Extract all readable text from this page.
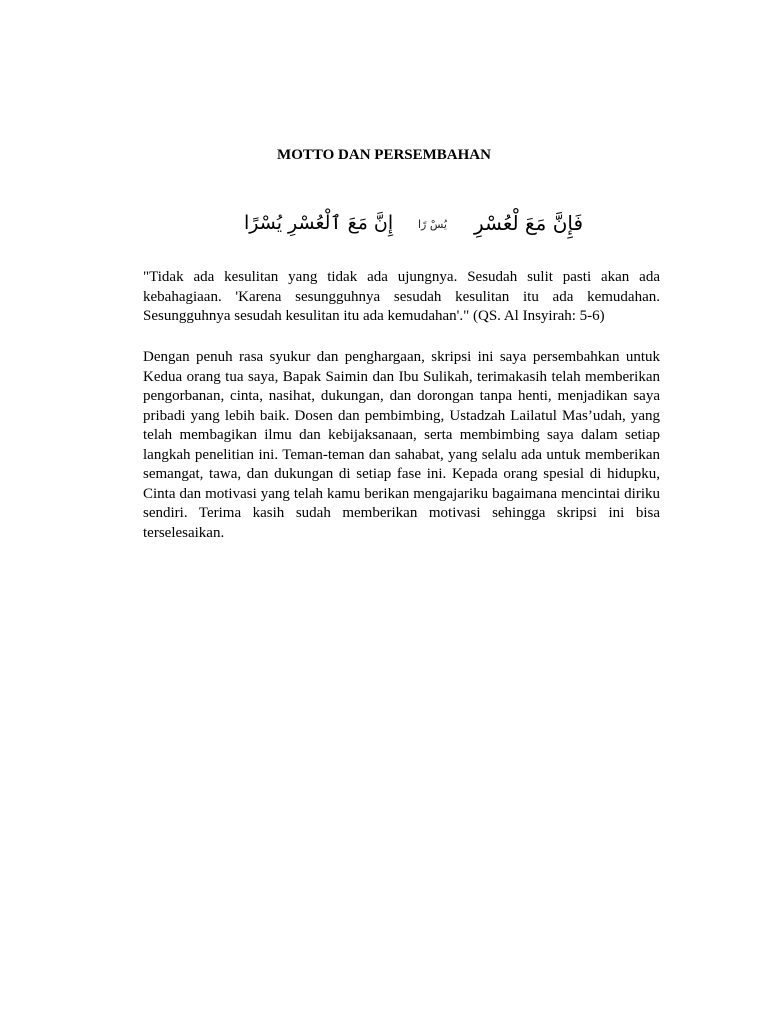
MOTTO DAN PERSEMBAHAN
إِنَّ مَعَ ٱلْعُسْرِ يُسْرًا يُسْ رًا فَإِنَّ مَعَ لْعُسْرِ

"Tidak ada kesulitan yang tidak ada ujungnya. Sesudah sulit pasti akan ada kebahagiaan. 'Karena sesungguhnya sesudah kesulitan itu ada kemudahan. Sesungguhnya sesudah kesulitan itu ada kemudahan'." (QS. Al Insyirah: 5-6)

Dengan penuh rasa syukur dan penghargaan, skripsi ini saya persembahkan untuk Kedua orang tua saya, Bapak Saimin dan Ibu Sulikah, terimakasih telah memberikan pengorbanan, cinta, nasihat, dukungan, dan dorongan tanpa henti, menjadikan saya pribadi yang lebih baik. Dosen dan pembimbing, Ustadzah Lailatul Mas’udah, yang telah membagikan ilmu dan kebijaksanaan, serta membimbing saya dalam setiap langkah penelitian ini. Teman-teman dan sahabat, yang selalu ada untuk memberikan semangat, tawa, dan dukungan di setiap fase ini. Kepada orang spesial di hidupku, Cinta dan motivasi yang telah kamu berikan mengajariku bagaimana mencintai diriku sendiri. Terima kasih sudah memberikan motivasi sehingga skripsi ini bisa terselesaikan.
